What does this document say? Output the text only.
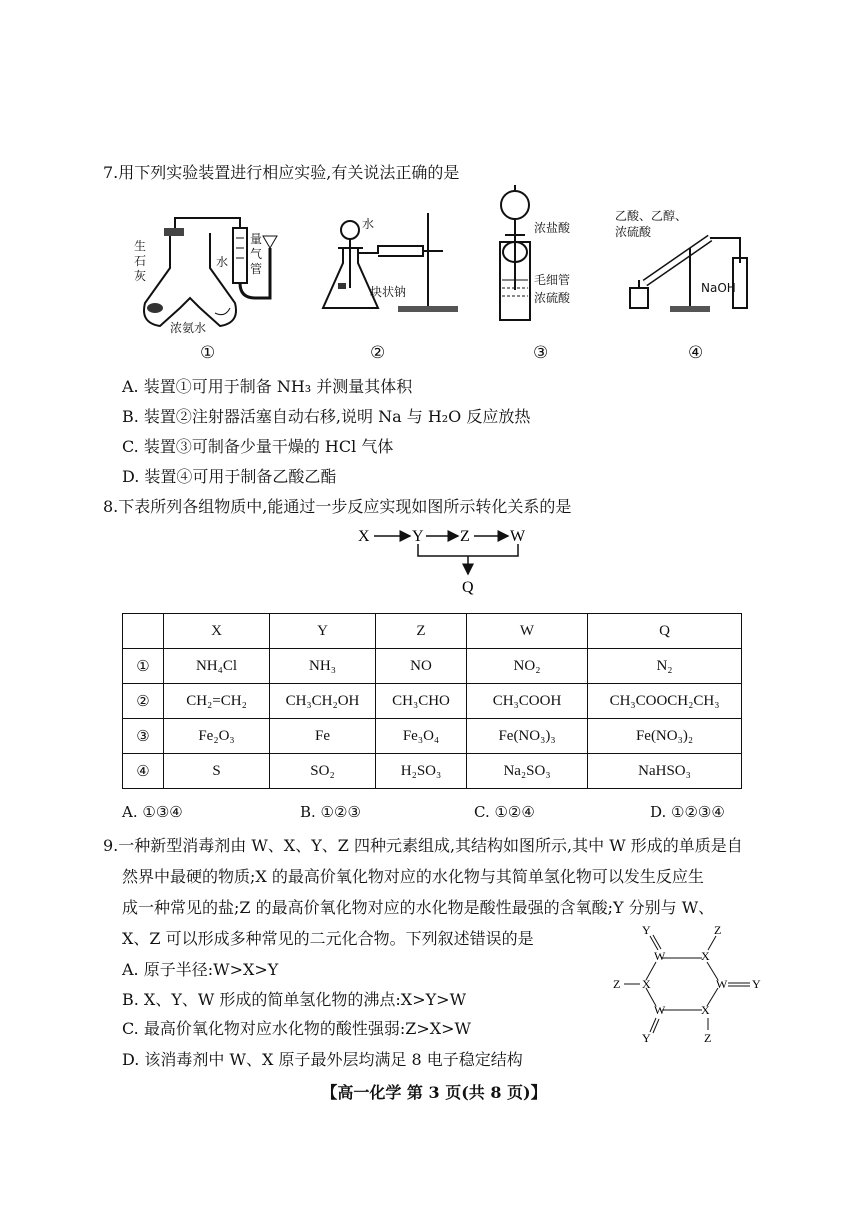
7.用下列实验装置进行相应实验,有关说法正确的是
生
石
灰
水
量
气
管
浓氨水
水
块状钠
浓盐酸
毛细管
浓硫酸
乙酸、乙醇、
浓硫酸
NaOH
①	②	③	④
A. 装置①可用于制备 NH₃ 并测量其体积
B. 装置②注射器活塞自动右移,说明 Na 与 H₂O 反应放热
C. 装置③可制备少量干燥的 HCl 气体
D. 装置④可用于制备乙酸乙酯
8.下表所列各组物质中,能通过一步反应实现如图所示转化关系的是
X	Y Z	W
Q
	X	Y	Z	W	Q
①	NH₄Cl	NH₃	NO	NO₂	N₂
②	CH₂=CH₂	CH₃CH₂OH	CH₃CHO	CH₃COOH	CH₃COOCH₂CH₃
③	Fe₂O₃	Fe	Fe₃O₄	Fe(NO₃)₃	Fe(NO₃)₂
④	S	SO₂	H₂SO₃	Na₂SO₃	NaHSO₃
A. ①③④	B. ①②③	C. ①②④	D. ①②③④
9.一种新型消毒剂由 W、X、Y、Z 四种元素组成,其结构如图所示,其中 W 形成的单质是自
然界中最硬的物质;X 的最高价氧化物对应的水化物与其简单氢化物可以发生反应生
成一种常见的盐;Z 的最高价氧化物对应的水化物是酸性最强的含氧酸;Y 分别与 W、
X、Z 可以形成多种常见的二元化合物。下列叙述错误的是
A. 原子半径:W>X>Y
B. X、Y、W 形成的简单氢化物的沸点:X>Y>W
C. 最高价氧化物对应水化物的酸性强弱:Z>X>W
D. 该消毒剂中 W、X 原子最外层均满足 8 电子稳定结构
Y	Z
W	X
Z X	W Y
W	X
Y	Z
【高一化学 第 3 页(共 8 页)】
